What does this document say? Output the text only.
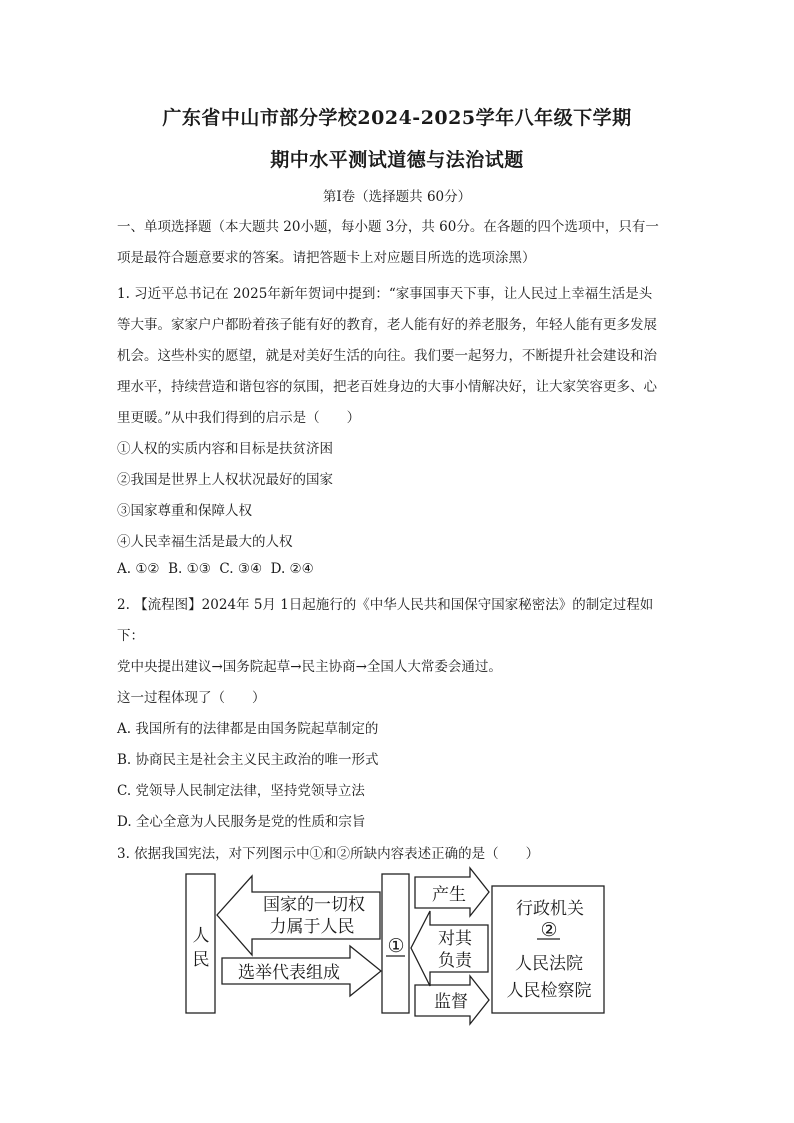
广东省中山市部分学校2024-2025学年八年级下学期
期中水平测试道德与法治试题
第Ⅰ卷（选择题共 60分）
一、单项选择题（本大题共 20小题，每小题 3分，共 60分。在各题的四个选项中，只有一
项是最符合题意要求的答案。请把答题卡上对应题目所选的选项涂黑）
1. 习近平总书记在 2025年新年贺词中提到：“家事国事天下事，让人民过上幸福生活是头
等大事。家家户户都盼着孩子能有好的教育，老人能有好的养老服务，年轻人能有更多发展
机会。这些朴实的愿望，就是对美好生活的向往。我们要一起努力，不断提升社会建设和治
理水平，持续营造和谐包容的氛围，把老百姓身边的大事小情解决好，让大家笑容更多、心
里更暖。”从中我们得到的启示是（　　）
①人权的实质内容和目标是扶贫济困
②我国是世界上人权状况最好的国家
③国家尊重和保障人权
④人民幸福生活是最大的人权
A. ①②  B. ①③  C. ③④  D. ②④
2. 【流程图】2024年 5月 1日起施行的《中华人民共和国保守国家秘密法》的制定过程如
下：
党中央提出建议→国务院起草→民主协商→全国人大常委会通过。
这一过程体现了（　　）
A. 我国所有的法律都是由国务院起草制定的
B. 协商民主是社会主义民主政治的唯一形式
C. 党领导人民制定法律，坚持党领导立法
D. 全心全意为人民服务是党的性质和宗旨
3. 依据我国宪法，对下列图示中①和②所缺内容表述正确的是（　　）
人
民
国家的一切权
力属于人民
选举代表组成
①
产生
对其
负责
监督
行政机关
②
人民法院
人民检察院
